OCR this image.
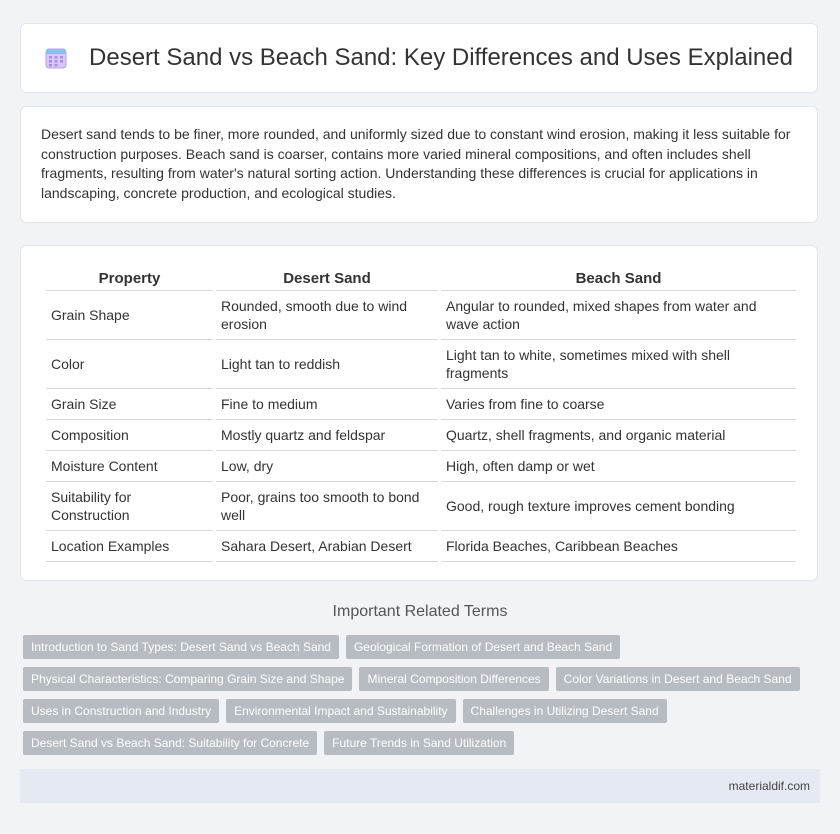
Desert Sand vs Beach Sand: Key Differences and Uses Explained

Desert sand tends to be finer, more rounded, and uniformly sized due to constant wind erosion, making it less suitable for construction purposes. Beach sand is coarser, contains more varied mineral compositions, and often includes shell fragments, resulting from water's natural sorting action. Understanding these differences is crucial for applications in landscaping, concrete production, and ecological studies.

Property	Desert Sand	Beach Sand
Grain Shape	Rounded, smooth due to wind erosion	Angular to rounded, mixed shapes from water and wave action
Color	Light tan to reddish	Light tan to white, sometimes mixed with shell fragments
Grain Size	Fine to medium	Varies from fine to coarse
Composition	Mostly quartz and feldspar	Quartz, shell fragments, and organic material
Moisture Content	Low, dry	High, often damp or wet
Suitability for Construction	Poor, grains too smooth to bond well	Good, rough texture improves cement bonding
Location Examples	Sahara Desert, Arabian Desert	Florida Beaches, Caribbean Beaches
Important Related Terms
Introduction to Sand Types: Desert Sand vs Beach Sand	Geological Formation of Desert and Beach Sand
Physical Characteristics: Comparing Grain Size and Shape	Mineral Composition Differences	Color Variations in Desert and Beach Sand
Uses in Construction and Industry	Environmental Impact and Sustainability	Challenges in Utilizing Desert Sand
Desert Sand vs Beach Sand: Suitability for Concrete	Future Trends in Sand Utilization
materialdif.com
